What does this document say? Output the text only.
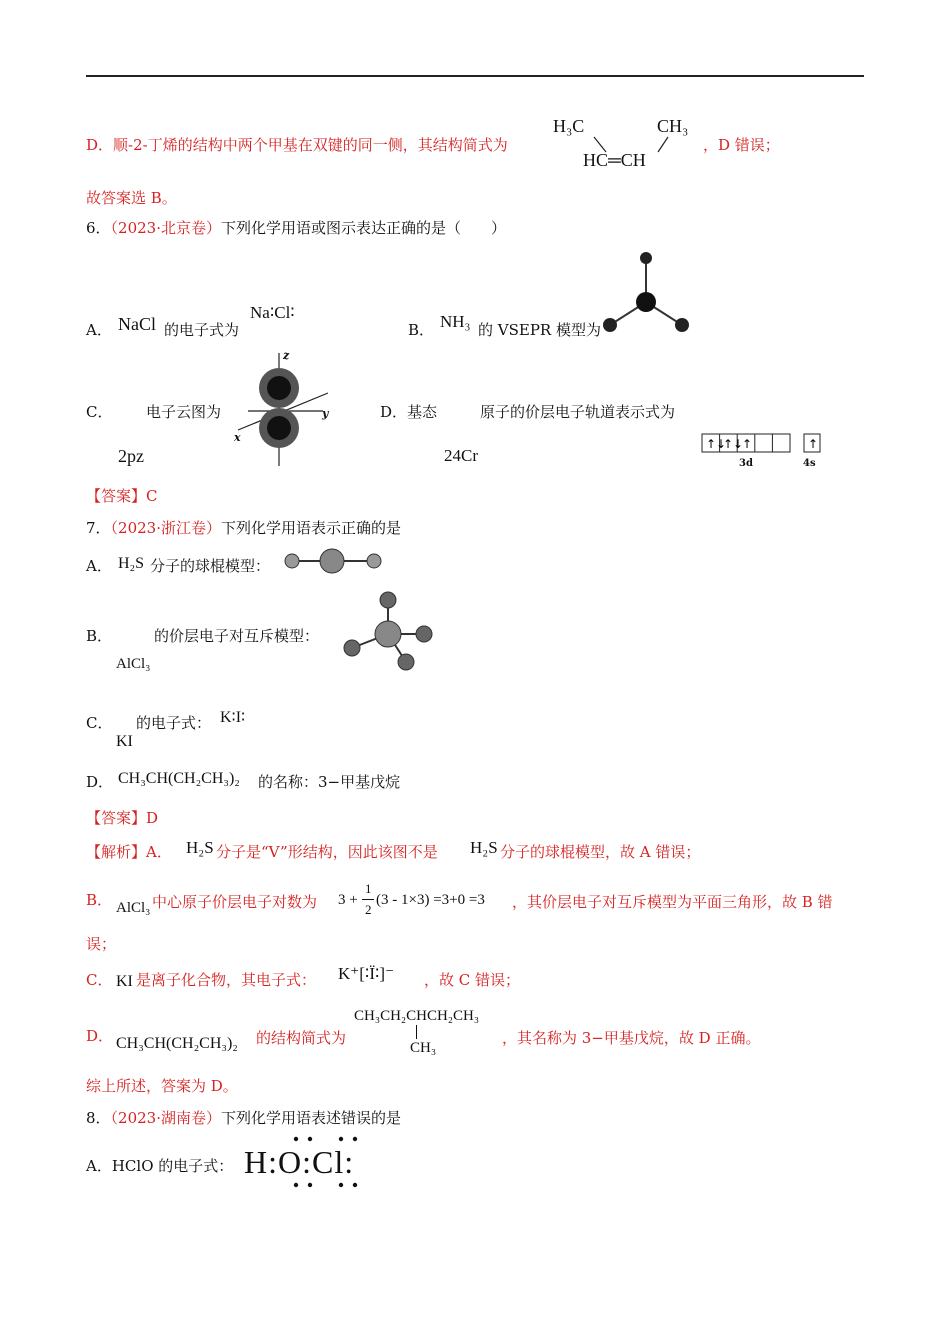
D．顺-2-丁烯的结构中两个甲基在双键的同一侧，其结构简式为
H₃C	CH₃
HC═CH
，D 错误；
故答案选 B。
6．（2023·北京卷）下列化学用语或图示表达正确的是（　　）
A． NaCl 的电子式为
Na∶Cl∶
B． NH₃ 的 VSEPR 模型为
C． 电子云图为
2pz
z
y
x
D．基态	原子的价层电子轨道表示式为
24Cr
↑↓
↑↓
↑	↑
3d	4s
【答案】C
7．（2023·浙江卷）下列化学用语表示正确的是
A． H₂S 分子的球棍模型：
B．	的价层电子对互斥模型：
AlCl₃
C． 的电子式：
KI
K∶I∶
D． CH₃CH(CH₂CH₃)₂ 的名称：3−甲基戊烷
【答案】D
【解析】A． H₂S 分子是“V”形结构，因此该图不是 H₂S 分子的球棍模型，故 A 错误；
B． AlCl₃ 中心原子价层电子对数为 3 +
1
2
(3 - 1×3) =3+0 =3 ，其价层电子对互斥模型为平面三角形，故 B 错
误；
C． KI 是离子化合物，其电子式： K⁺[∶Ï∶]⁻ ，故 C 错误；
D． CH₃CH(CH₂CH₃)₂ 的结构简式为
CH₃CH₂CHCH₂CH₃
CH₃
，其名称为 3−甲基戊烷，故 D 正确。
综上所述，答案为 D。
8．（2023·湖南卷）下列化学用语表述错误的是
A．HClO 的电子式： H:O:Cl:
